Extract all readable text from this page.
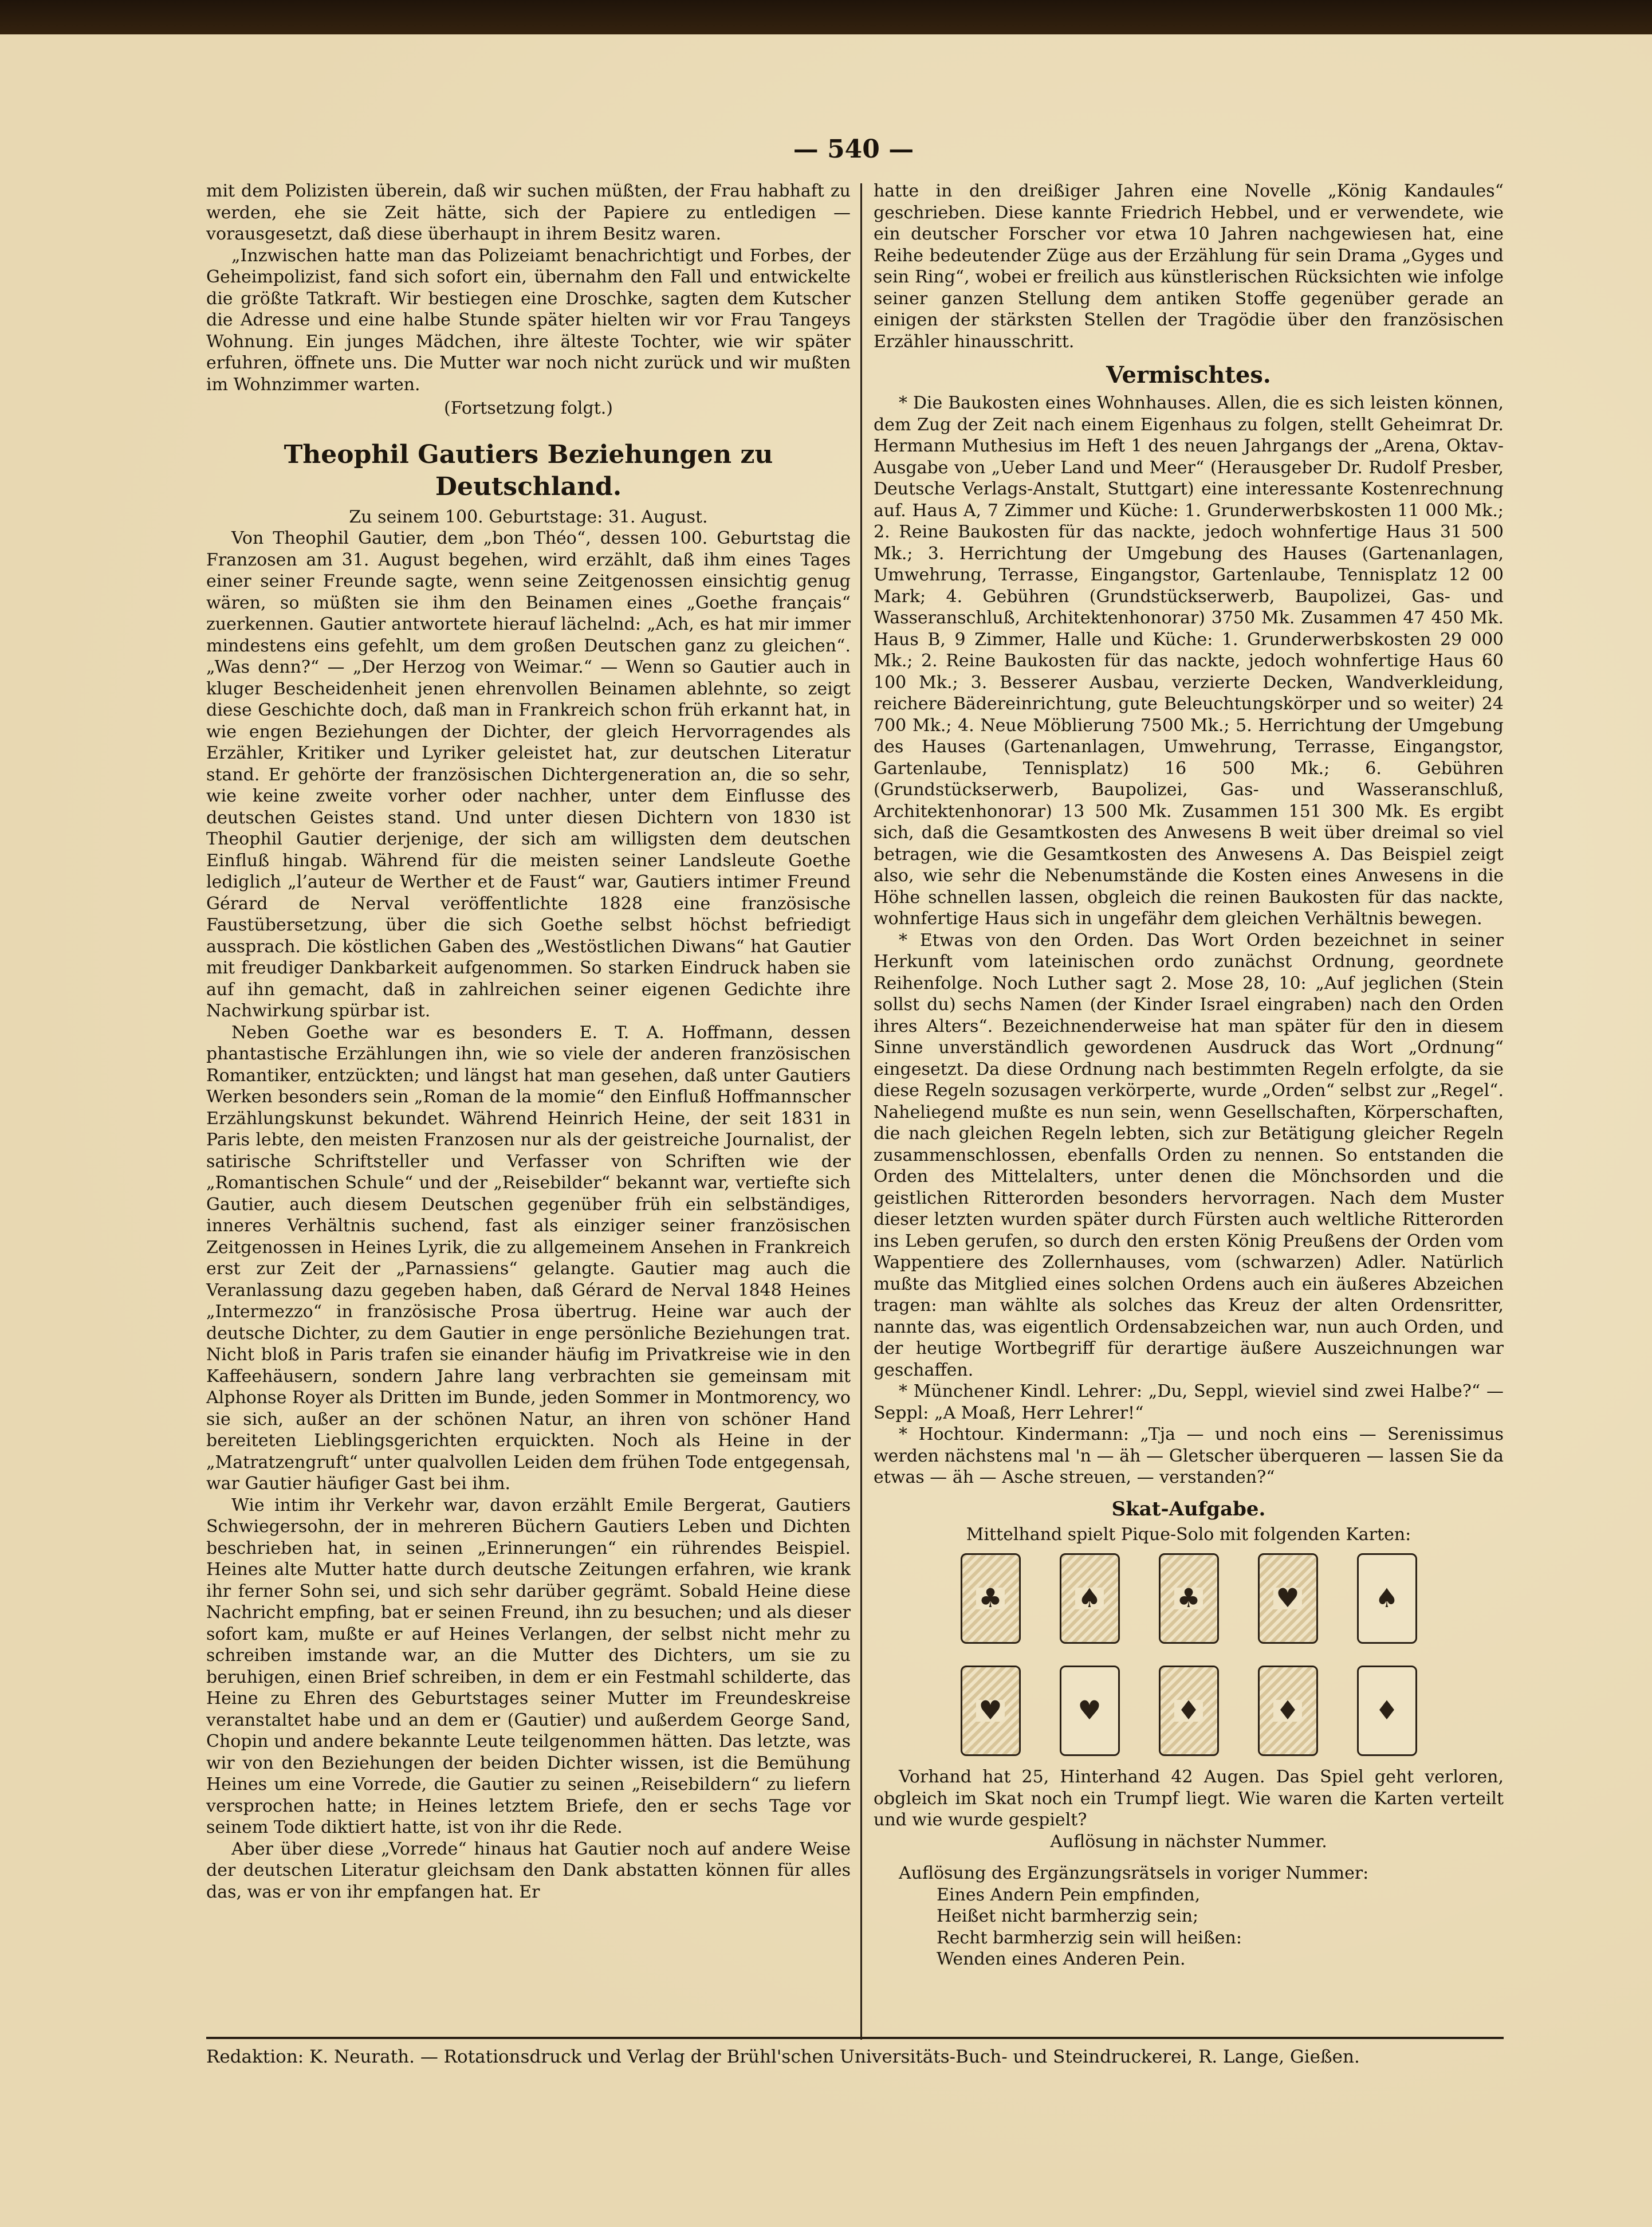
— 540 —

mit dem Polizisten überein, daß wir suchen müßten, der Frau habhaft zu werden, ehe sie Zeit hätte, sich der Papiere zu entledigen — vorausgesetzt, daß diese überhaupt in ihrem Besitz waren.

„Inzwischen hatte man das Polizeiamt benachrichtigt und Forbes, der Geheimpolizist, fand sich sofort ein, übernahm den Fall und entwickelte die größte Tatkraft. Wir bestiegen eine Droschke, sagten dem Kutscher die Adresse und eine halbe Stunde später hielten wir vor Frau Tangeys Wohnung. Ein junges Mädchen, ihre älteste Tochter, wie wir später erfuhren, öffnete uns. Die Mutter war noch nicht zurück und wir mußten im Wohnzimmer warten.

(Fortsetzung folgt.)

Theophil Gautiers Beziehungen zu Deutschland.

Zu seinem 100. Geburtstage: 31. August.

Von Theophil Gautier, dem „bon Théo“, dessen 100. Geburtstag die Franzosen am 31. August begehen, wird erzählt, daß ihm eines Tages einer seiner Freunde sagte, wenn seine Zeitgenossen einsichtig genug wären, so müßten sie ihm den Beinamen eines „Goethe français“ zuerkennen. Gautier antwortete hierauf lächelnd: „Ach, es hat mir immer mindestens eins gefehlt, um dem großen Deutschen ganz zu gleichen“. „Was denn?“ — „Der Herzog von Weimar.“ — Wenn so Gautier auch in kluger Bescheidenheit jenen ehrenvollen Beinamen ablehnte, so zeigt diese Geschichte doch, daß man in Frankreich schon früh erkannt hat, in wie engen Beziehungen der Dichter, der gleich Hervorragendes als Erzähler, Kritiker und Lyriker geleistet hat, zur deutschen Literatur stand. Er gehörte der französischen Dichtergeneration an, die so sehr, wie keine zweite vorher oder nachher, unter dem Einflusse des deutschen Geistes stand. Und unter diesen Dichtern von 1830 ist Theophil Gautier derjenige, der sich am willigsten dem deutschen Einfluß hingab. Während für die meisten seiner Landsleute Goethe lediglich „l’auteur de Werther et de Faust“ war, Gautiers intimer Freund Gérard de Nerval veröffentlichte 1828 eine französische Faustübersetzung, über die sich Goethe selbst höchst befriedigt aussprach. Die köstlichen Gaben des „Westöstlichen Diwans“ hat Gautier mit freudiger Dankbarkeit aufgenommen. So starken Eindruck haben sie auf ihn gemacht, daß in zahlreichen seiner eigenen Gedichte ihre Nachwirkung spürbar ist.

Neben Goethe war es besonders E. T. A. Hoffmann, dessen phantastische Erzählungen ihn, wie so viele der anderen französischen Romantiker, entzückten; und längst hat man gesehen, daß unter Gautiers Werken besonders sein „Roman de la momie“ den Einfluß Hoffmannscher Erzählungskunst bekundet. Während Heinrich Heine, der seit 1831 in Paris lebte, den meisten Franzosen nur als der geistreiche Journalist, der satirische Schriftsteller und Verfasser von Schriften wie der „Romantischen Schule“ und der „Reisebilder“ bekannt war, vertiefte sich Gautier, auch diesem Deutschen gegenüber früh ein selbständiges, inneres Verhältnis suchend, fast als einziger seiner französischen Zeitgenossen in Heines Lyrik, die zu allgemeinem Ansehen in Frankreich erst zur Zeit der „Parnassiens“ gelangte. Gautier mag auch die Veranlassung dazu gegeben haben, daß Gérard de Nerval 1848 Heines „Intermezzo“ in französische Prosa übertrug. Heine war auch der deutsche Dichter, zu dem Gautier in enge persönliche Beziehungen trat. Nicht bloß in Paris trafen sie einander häufig im Privatkreise wie in den Kaffeehäusern, sondern Jahre lang verbrachten sie gemeinsam mit Alphonse Royer als Dritten im Bunde, jeden Sommer in Montmorency, wo sie sich, außer an der schönen Natur, an ihren von schöner Hand bereiteten Lieblingsgerichten erquickten. Noch als Heine in der „Matratzengruft“ unter qualvollen Leiden dem frühen Tode entgegensah, war Gautier häufiger Gast bei ihm.

Wie intim ihr Verkehr war, davon erzählt Emile Bergerat, Gautiers Schwiegersohn, der in mehreren Büchern Gautiers Leben und Dichten beschrieben hat, in seinen „Erinnerungen“ ein rührendes Beispiel. Heines alte Mutter hatte durch deutsche Zeitungen erfahren, wie krank ihr ferner Sohn sei, und sich sehr darüber gegrämt. Sobald Heine diese Nachricht empfing, bat er seinen Freund, ihn zu besuchen; und als dieser sofort kam, mußte er auf Heines Verlangen, der selbst nicht mehr zu schreiben imstande war, an die Mutter des Dichters, um sie zu beruhigen, einen Brief schreiben, in dem er ein Festmahl schilderte, das Heine zu Ehren des Geburtstages seiner Mutter im Freundeskreise veranstaltet habe und an dem er (Gautier) und außerdem George Sand, Chopin und andere bekannte Leute teilgenommen hätten. Das letzte, was wir von den Beziehungen der beiden Dichter wissen, ist die Bemühung Heines um eine Vorrede, die Gautier zu seinen „Reisebildern“ zu liefern versprochen hatte; in Heines letztem Briefe, den er sechs Tage vor seinem Tode diktiert hatte, ist von ihr die Rede.

Aber über diese „Vorrede“ hinaus hat Gautier noch auf andere Weise der deutschen Literatur gleichsam den Dank abstatten können für alles das, was er von ihr empfangen hat. Er

hatte in den dreißiger Jahren eine Novelle „König Kandaules“ geschrieben. Diese kannte Friedrich Hebbel, und er verwendete, wie ein deutscher Forscher vor etwa 10 Jahren nachgewiesen hat, eine Reihe bedeutender Züge aus der Erzählung für sein Drama „Gyges und sein Ring“, wobei er freilich aus künstlerischen Rücksichten wie infolge seiner ganzen Stellung dem antiken Stoffe gegenüber gerade an einigen der stärksten Stellen der Tragödie über den französischen Erzähler hinausschritt.

Vermischtes.

* Die Baukosten eines Wohnhauses. Allen, die es sich leisten können, dem Zug der Zeit nach einem Eigenhaus zu folgen, stellt Geheimrat Dr. Hermann Muthesius im Heft 1 des neuen Jahrgangs der „Arena, Oktav-Ausgabe von „Ueber Land und Meer“ (Herausgeber Dr. Rudolf Presber, Deutsche Verlags-Anstalt, Stuttgart) eine interessante Kostenrechnung auf. Haus A, 7 Zimmer und Küche: 1. Grunderwerbskosten 11 000 Mk.; 2. Reine Baukosten für das nackte, jedoch wohnfertige Haus 31 500 Mk.; 3. Herrichtung der Umgebung des Hauses (Gartenanlagen, Umwehrung, Terrasse, Eingangstor, Gartenlaube, Tennisplatz 12 00 Mark; 4. Gebühren (Grundstückserwerb, Baupolizei, Gas- und Wasseranschluß, Architektenhonorar) 3750 Mk. Zusammen 47 450 Mk. Haus B, 9 Zimmer, Halle und Küche: 1. Grunderwerbskosten 29 000 Mk.; 2. Reine Baukosten für das nackte, jedoch wohnfertige Haus 60 100 Mk.; 3. Besserer Ausbau, verzierte Decken, Wandverkleidung, reichere Bädereinrichtung, gute Beleuchtungskörper und so weiter) 24 700 Mk.; 4. Neue Möblierung 7500 Mk.; 5. Herrichtung der Umgebung des Hauses (Gartenanlagen, Umwehrung, Terrasse, Eingangstor, Gartenlaube, Tennisplatz) 16 500 Mk.; 6. Gebühren (Grundstückserwerb, Baupolizei, Gas- und Wasseranschluß, Architektenhonorar) 13 500 Mk. Zusammen 151 300 Mk. Es ergibt sich, daß die Gesamtkosten des Anwesens B weit über dreimal so viel betragen, wie die Gesamtkosten des Anwesens A. Das Beispiel zeigt also, wie sehr die Nebenumstände die Kosten eines Anwesens in die Höhe schnellen lassen, obgleich die reinen Baukosten für das nackte, wohnfertige Haus sich in ungefähr dem gleichen Verhältnis bewegen.

* Etwas von den Orden. Das Wort Orden bezeichnet in seiner Herkunft vom lateinischen ordo zunächst Ordnung, geordnete Reihenfolge. Noch Luther sagt 2. Mose 28, 10: „Auf jeglichen (Stein sollst du) sechs Namen (der Kinder Israel eingraben) nach den Orden ihres Alters“. Bezeichnenderweise hat man später für den in diesem Sinne unverständlich gewordenen Ausdruck das Wort „Ordnung“ eingesetzt. Da diese Ordnung nach bestimmten Regeln erfolgte, da sie diese Regeln sozusagen verkörperte, wurde „Orden“ selbst zur „Regel“. Naheliegend mußte es nun sein, wenn Gesellschaften, Körperschaften, die nach gleichen Regeln lebten, sich zur Betätigung gleicher Regeln zusammenschlossen, ebenfalls Orden zu nennen. So entstanden die Orden des Mittelalters, unter denen die Mönchsorden und die geistlichen Ritterorden besonders hervorragen. Nach dem Muster dieser letzten wurden später durch Fürsten auch weltliche Ritterorden ins Leben gerufen, so durch den ersten König Preußens der Orden vom Wappentiere des Zollernhauses, vom (schwarzen) Adler. Natürlich mußte das Mitglied eines solchen Ordens auch ein äußeres Abzeichen tragen: man wählte als solches das Kreuz der alten Ordensritter, nannte das, was eigentlich Ordensabzeichen war, nun auch Orden, und der heutige Wortbegriff für derartige äußere Auszeichnungen war geschaffen.

* Münchener Kindl. Lehrer: „Du, Seppl, wieviel sind zwei Halbe?“ — Seppl: „A Moaß, Herr Lehrer!“

* Hochtour. Kindermann: „Tja — und noch eins — Serenissimus werden nächstens mal 'n — äh — Gletscher überqueren — lassen Sie da etwas — äh — Asche streuen, — verstanden?“

Skat-Aufgabe.

Mittelhand spielt Pique-Solo mit folgenden Karten:

♣	♠	♣	♥	♠
♥	♥	♦	♦	♦

Vorhand hat 25, Hinterhand 42 Augen. Das Spiel geht verloren, obgleich im Skat noch ein Trumpf liegt. Wie waren die Karten verteilt und wie wurde gespielt?

Auflösung in nächster Nummer.

Auflösung des Ergänzungsrätsels in voriger Nummer:

Eines Andern Pein empfinden,

Heißet nicht barmherzig sein;

Recht barmherzig sein will heißen:

Wenden eines Anderen Pein.

Redaktion: K. Neurath. — Rotationsdruck und Verlag der Brühl'schen Universitäts-Buch- und Steindruckerei, R. Lange, Gießen.
